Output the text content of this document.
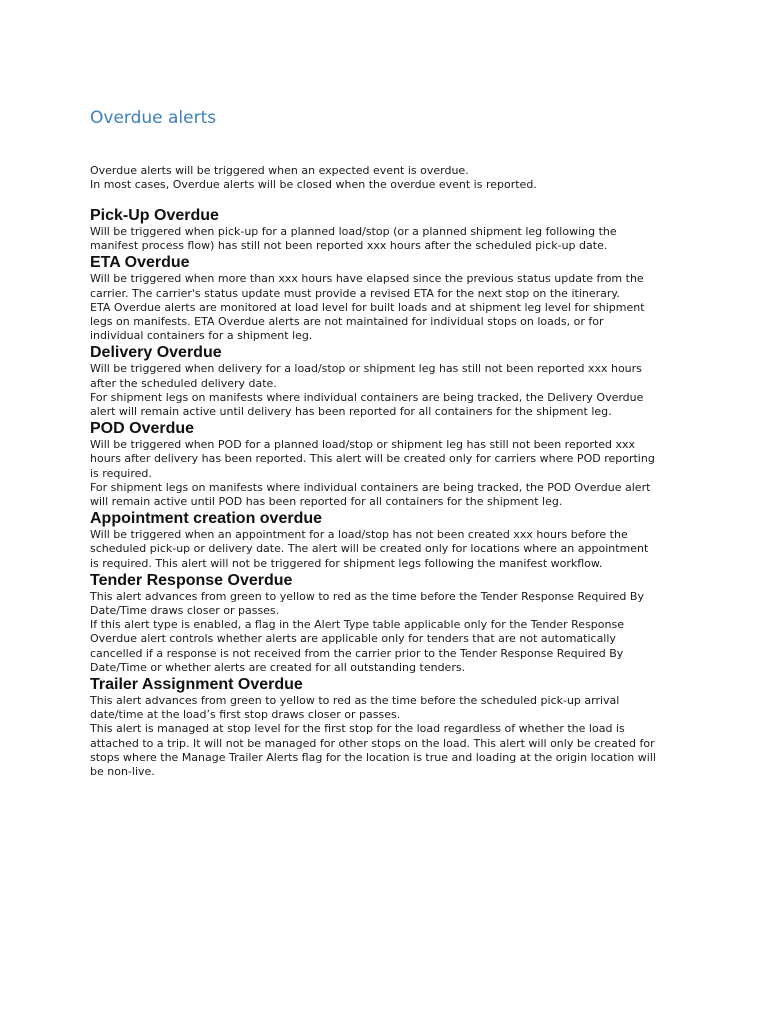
Overdue alerts
Overdue alerts will be triggered when an expected event is overdue.
In most cases, Overdue alerts will be closed when the overdue event is reported.
Pick-Up Overdue

Will be triggered when pick-up for a planned load/stop (or a planned shipment leg following the
manifest process flow) has still not been reported xxx hours after the scheduled pick-up date.

ETA Overdue

Will be triggered when more than xxx hours have elapsed since the previous status update from the
carrier. The carrier's status update must provide a revised ETA for the next stop on the itinerary.

ETA Overdue alerts are monitored at load level for built loads and at shipment leg level for shipment
legs on manifests. ETA Overdue alerts are not maintained for individual stops on loads, or for
individual containers for a shipment leg.

Delivery Overdue

Will be triggered when delivery for a load/stop or shipment leg has still not been reported xxx hours
after the scheduled delivery date.

For shipment legs on manifests where individual containers are being tracked, the Delivery Overdue
alert will remain active until delivery has been reported for all containers for the shipment leg.

POD Overdue

Will be triggered when POD for a planned load/stop or shipment leg has still not been reported xxx
hours after delivery has been reported. This alert will be created only for carriers where POD reporting
is required.

For shipment legs on manifests where individual containers are being tracked, the POD Overdue alert
will remain active until POD has been reported for all containers for the shipment leg.

Appointment creation overdue

Will be triggered when an appointment for a load/stop has not been created xxx hours before the
scheduled pick-up or delivery date. The alert will be created only for locations where an appointment
is required. This alert will not be triggered for shipment legs following the manifest workflow.

Tender Response Overdue

This alert advances from green to yellow to red as the time before the Tender Response Required By
Date/Time draws closer or passes.

If this alert type is enabled, a flag in the Alert Type table applicable only for the Tender Response
Overdue alert controls whether alerts are applicable only for tenders that are not automatically
cancelled if a response is not received from the carrier prior to the Tender Response Required By
Date/Time or whether alerts are created for all outstanding tenders.

Trailer Assignment Overdue

This alert advances from green to yellow to red as the time before the scheduled pick-up arrival
date/time at the load’s first stop draws closer or passes.

This alert is managed at stop level for the first stop for the load regardless of whether the load is
attached to a trip. It will not be managed for other stops on the load. This alert will only be created for
stops where the Manage Trailer Alerts flag for the location is true and loading at the origin location will
be non-live.
